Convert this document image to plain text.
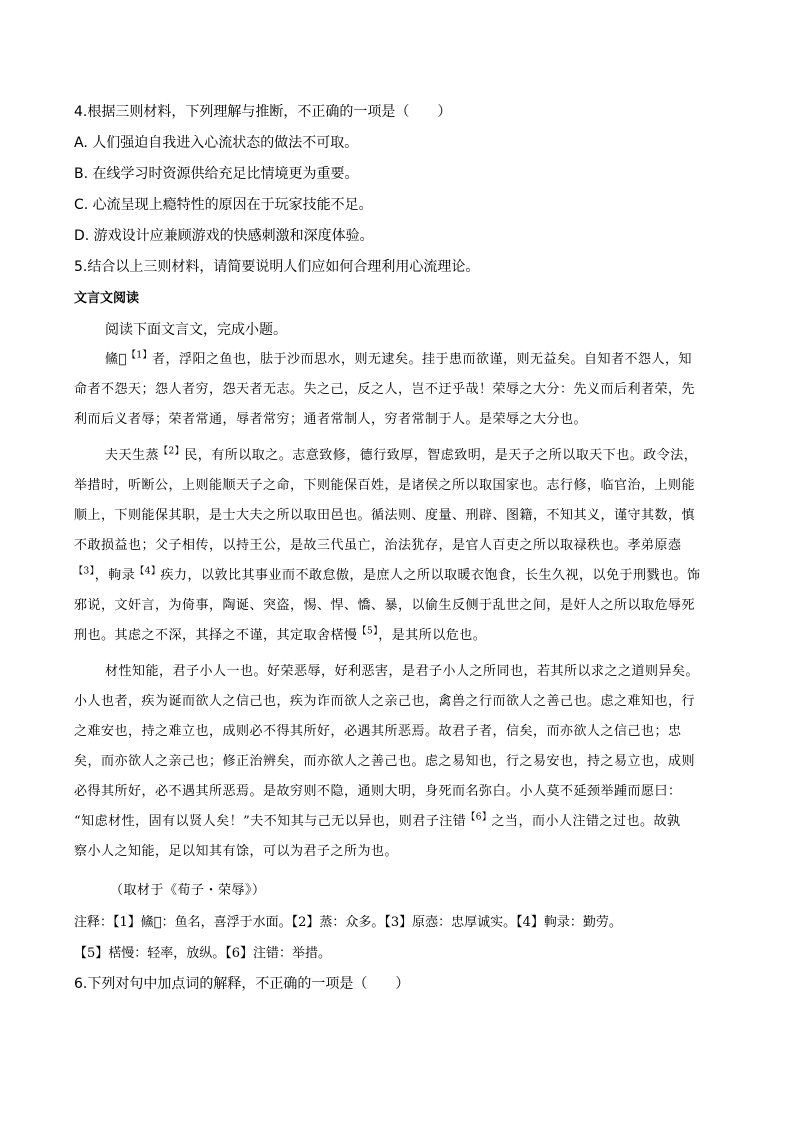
4.根据三则材料，下列理解与推断，不正确的一项是（　　）
A. 人们强迫自我进入心流状态的做法不可取。
B. 在线学习时资源供给充足比情境更为重要。
C. 心流呈现上瘾特性的原因在于玩家技能不足。
D. 游戏设计应兼顾游戏的快感刺激和深度体验。
5.结合以上三则材料，请简要说明人们应如何合理利用心流理论。
文言文阅读
阅读下面文言文，完成小题。
鯈𩷮$^{【1】}$者，浮阳之鱼也，胠于沙而思水，则无逮矣。挂于患而欲谨，则无益矣。自知者不怨人，知
命者不怨天；怨人者穷，怨天者无志。失之己，反之人，岂不迂乎哉！荣辱之大分：先义而后利者荣，先
利而后义者辱；荣者常通，辱者常穷；通者常制人，穷者常制于人。是荣辱之大分也。
夫天生蒸$^{【2】}$民，有所以取之。志意致修，德行致厚，智虑致明，是天子之所以取天下也。政令法，
举措时，听断公，上则能顺天子之命，下则能保百姓，是诸侯之所以取国家也。志行修，临官治，上则能
顺上，下则能保其职，是士大夫之所以取田邑也。循法则、度量、刑辟、图籍，不知其义，谨守其数，慎
不敢损益也；父子相传，以持王公，是故三代虽亡，治法犹存，是官人百吏之所以取禄秩也。孝弟原悫
$^{【3】}$，軥录$^{【4】}$疾力，以敦比其事业而不敢怠傲，是庶人之所以取暖衣饱食，长生久视，以免于刑戮也。饰
邪说，文奸言，为倚事，陶诞、突盗，惕、悍、憍、暴，以偷生反侧于乱世之间，是奸人之所以取危辱死
刑也。其虑之不深，其择之不谨，其定取舍楛慢$^{【5】}$，是其所以危也。
材性知能，君子小人一也。好荣恶辱，好利恶害，是君子小人之所同也，若其所以求之之道则异矣。
小人也者，疾为诞而欲人之信己也，疾为诈而欲人之亲己也，禽兽之行而欲人之善己也。虑之难知也，行
之难安也，持之难立也，成则必不得其所好，必遇其所恶焉。故君子者，信矣，而亦欲人之信己也；忠
矣，而亦欲人之亲己也；修正治辨矣，而亦欲人之善己也。虑之易知也，行之易安也，持之易立也，成则
必得其所好，必不遇其所恶焉。是故穷则不隐，通则大明，身死而名弥白。小人莫不延颈举踵而愿曰：
“知虑材性，固有以贤人矣！”夫不知其与己无以异也，则君子注错$^{【6】}$之当，而小人注错之过也。故孰
察小人之知能，足以知其有馀，可以为君子之所为也。
（取材于《荀子・荣辱》）
注释：【1】鯈𩷮：鱼名，喜浮于水面。【2】蒸：众多。【3】原悫：忠厚诚实。【4】軥录：勤劳。
【5】楛慢：轻率，放纵。【6】注错：举措。
6.下列对句中加点词的解释，不正确的一项是（　　）
